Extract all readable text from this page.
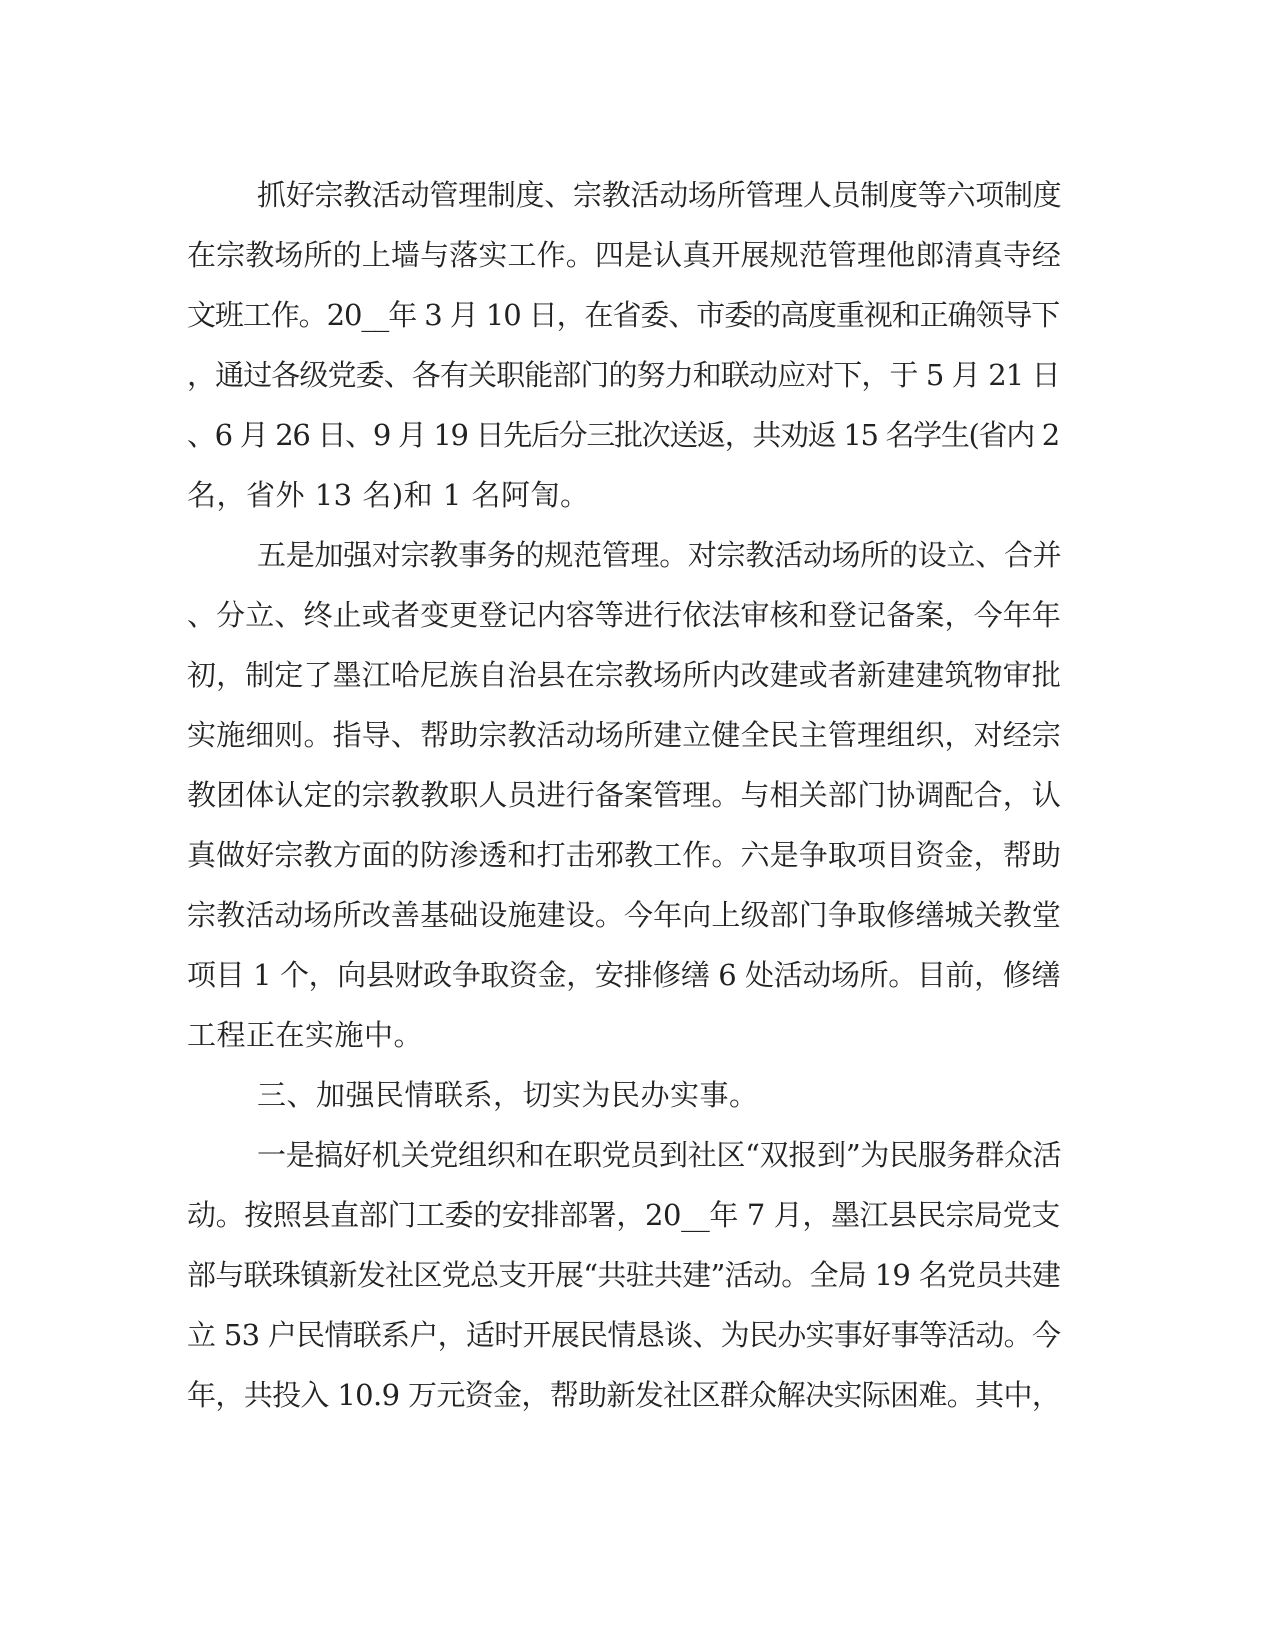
抓好宗教活动管理制度、宗教活动场所管理人员制度等六项制度
在宗教场所的上墙与落实工作。四是认真开展规范管理他郎清真寺经
文班工作。20__年 3 月 10 日，在省委、市委的高度重视和正确领导下
，通过各级党委、各有关职能部门的努力和联动应对下，于 5 月 21 日
、6 月 26 日、9 月 19 日先后分三批次送返，共劝返 15 名学生(省内 2
名，省外 13 名)和 1 名阿訇。
五是加强对宗教事务的规范管理。对宗教活动场所的设立、合并
、分立、终止或者变更登记内容等进行依法审核和登记备案，今年年
初，制定了墨江哈尼族自治县在宗教场所内改建或者新建建筑物审批
实施细则。指导、帮助宗教活动场所建立健全民主管理组织，对经宗
教团体认定的宗教教职人员进行备案管理。与相关部门协调配合，认
真做好宗教方面的防渗透和打击邪教工作。六是争取项目资金，帮助
宗教活动场所改善基础设施建设。今年向上级部门争取修缮城关教堂
项目 1 个，向县财政争取资金，安排修缮 6 处活动场所。目前，修缮
工程正在实施中。
三、加强民情联系，切实为民办实事。
一是搞好机关党组织和在职党员到社区“双报到”为民服务群众活
动。按照县直部门工委的安排部署，20__年 7 月，墨江县民宗局党支
部与联珠镇新发社区党总支开展“共驻共建”活动。全局 19 名党员共建
立 53 户民情联系户，适时开展民情恳谈、为民办实事好事等活动。今
年，共投入 10.9 万元资金，帮助新发社区群众解决实际困难。其中，
